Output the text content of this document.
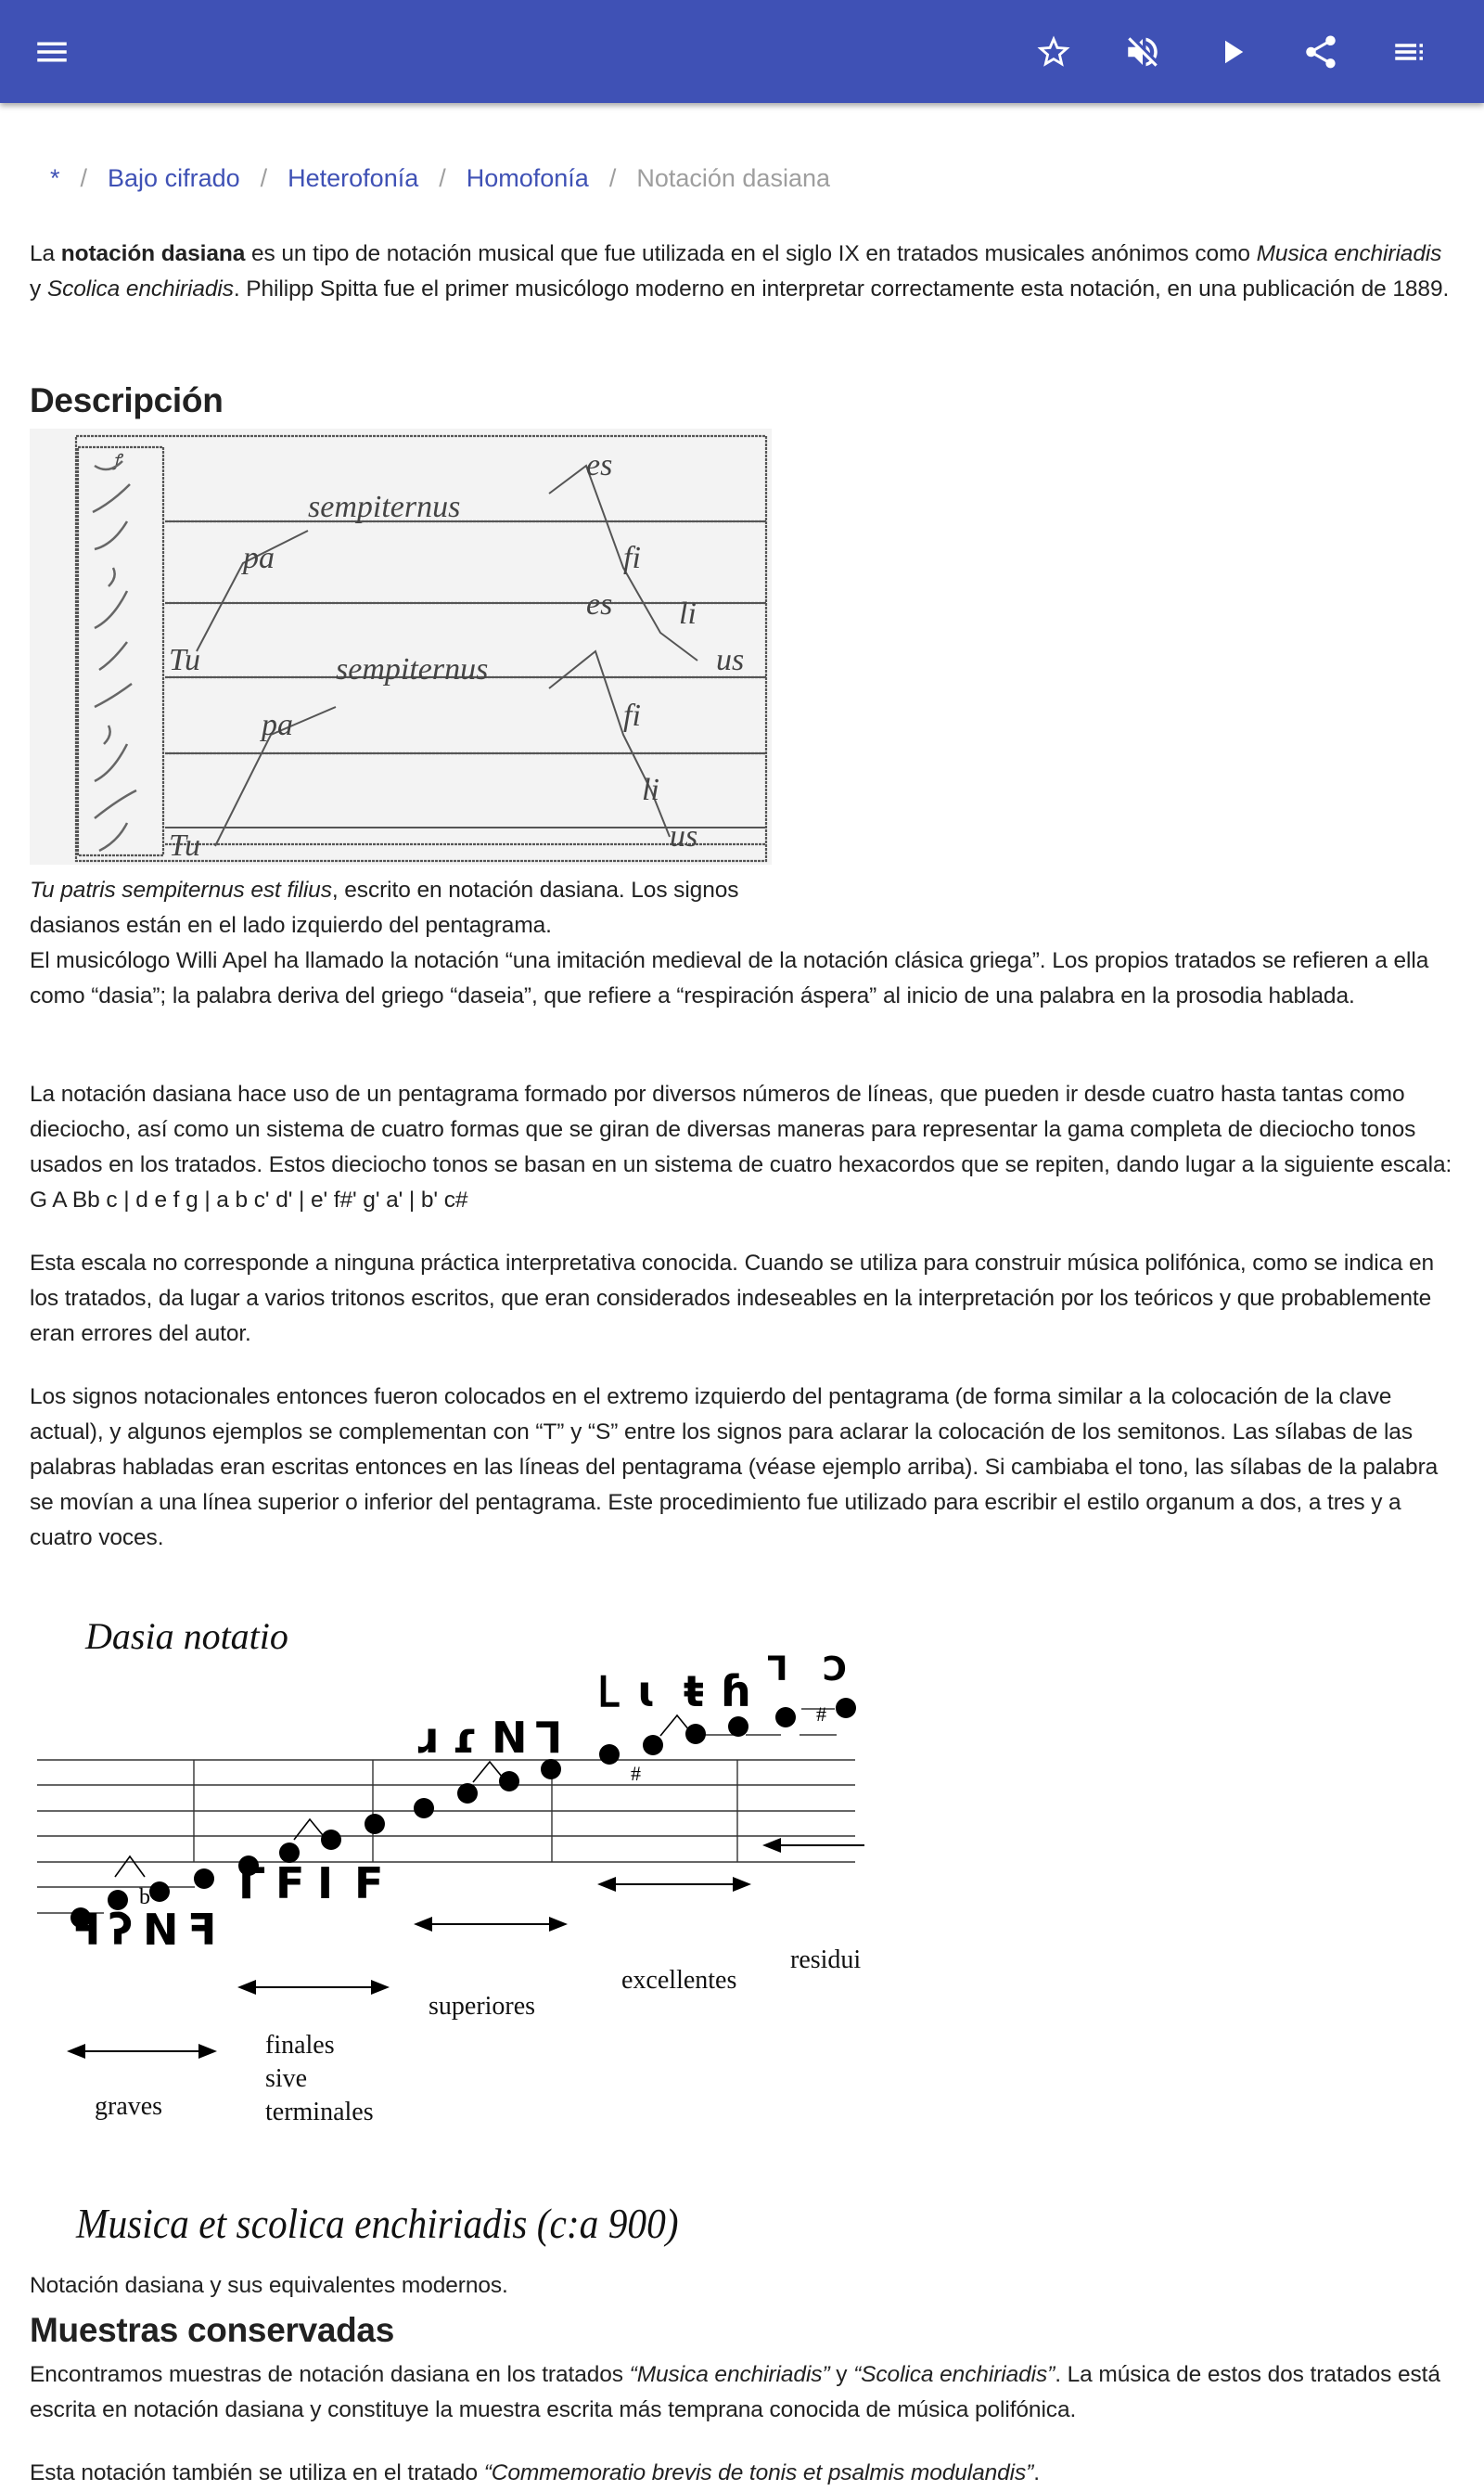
* / Bajo cifrado / Heterofonía / Homofonía / Notación dasiana

La notación dasiana es un tipo de notación musical que fue utilizada en el siglo IX en tratados musicales anónimos como Musica enchiriadis y Scolica enchiriadis. Philipp Spitta fue el primer musicólogo moderno en interpretar correctamente esta notación, en una publicación de 1889.

Descripción
ꝭ
Tu
pa
sempiternus
es
fi
li
us
Tu
pa
sempiternus
es
fi
li
us

Tu patris sempiternus est filius, escrito en notación dasiana. Los signos dasianos están en el lado izquierdo del pentagrama.

El musicólogo Willi Apel ha llamado la notación “una imitación medieval de la notación clásica griega”. Los propios tratados se refieren a ella como “dasia”; la palabra deriva del griego “daseia”, que refiere a “respiración áspera” al inicio de una palabra en la prosodia hablada.

La notación dasiana hace uso de un pentagrama formado por diversos números de líneas, que pueden ir desde cuatro hasta tantas como dieciocho, así como un sistema de cuatro formas que se giran de diversas maneras para representar la gama completa de dieciocho tonos usados en los tratados. Estos dieciocho tonos se basan en un sistema de cuatro hexacordos que se repiten, dando lugar a la siguiente escala: G A Bb c | d e f g | a b c' d' | e' f#' g' a' | b' c#

Esta escala no corresponde a ninguna práctica interpretativa conocida. Cuando se utiliza para construir música polifónica, como se indica en los tratados, da lugar a varios tritonos escritos, que eran considerados indeseables en la interpretación por los teóricos y que probablemente eran errores del autor.

Los signos notacionales entonces fueron colocados en el extremo izquierdo del pentagrama (de forma similar a la colocación de la clave actual), y algunos ejemplos se complementan con “T” y “S” entre los signos para aclarar la colocación de los semitonos. Las sílabas de las palabras habladas eran escritas entonces en las líneas del pentagrama (véase ejemplo arriba). Si cambiaba el tono, las sílabas de la palabra se movían a una línea superior o inferior del pentagrama. Este procedimiento fue utilizado para escribir el estilo organum a dos, a tres y a cuatro voces.

Dasia notatio
b
#
#
ꟻ ʔ N ꟻ
Г Ϝ I F
ɹ ɾ N Ꞁ
Ⳑ ɩ ŧ ɦ ᒣ Ɔ
graves
finales
sive
terminales
superiores
excellentes
residui
Musica et scolica enchiriadis (c:a 900)

Notación dasiana y sus equivalentes modernos.

Muestras conservadas

Encontramos muestras de notación dasiana en los tratados “Musica enchiriadis” y “Scolica enchiriadis”. La música de estos dos tratados está escrita en notación dasiana y constituye la muestra escrita más temprana conocida de música polifónica.

Esta notación también se utiliza en el tratado “Commemoratio brevis de tonis et psalmis modulandis”.
